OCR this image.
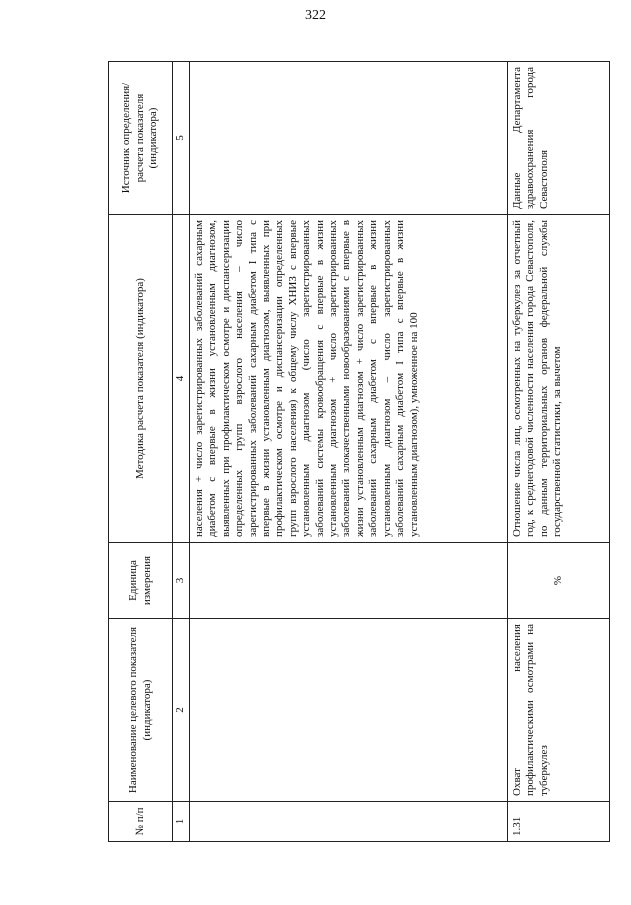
322
№ п/п	Наименование целевого показателя (индикатора)	Единица измерения	Методика расчета показателя (индикатора)	Источник определения/ расчета показателя (индикатора)
1	2	3	4	5
			населения + число зарегистрированных заболеваний сахарным диабетом с впервые в жизни установленным диагнозом, выявленных при профилактическом осмотре и диспансеризации определенных групп взрослого населения – число зарегистрированных заболеваний сахарным диабетом I типа с впервые в жизни установленным диагнозом, выявленных при профилактическом осмотре и диспансеризации определенных групп взрослого населения) к общему числу ХНИЗ с впервые установленным диагнозом (число зарегистрированных заболеваний системы кровообращения с впервые в жизни установленным диагнозом + число зарегистрированных заболеваний злокачественными новообразованиями с впервые в жизни установленным диагнозом + число зарегистрированных заболеваний сахарным диабетом с впервые в жизни установленным диагнозом – число зарегистрированных заболеваний сахарным диабетом I типа с впервые в жизни установленным диагнозом), умноженное на 100	
1.31	Охват населения профилактическими осмотрами на туберкулез	%	Отношение числа лиц, осмотренных на туберкулез за отчетный год, к среднегодовой численности населения города Севастополя, по данным территориальных органов федеральной службы государственной статистики, за вычетом	Данные Департамента здравоохранения города Севастополя
